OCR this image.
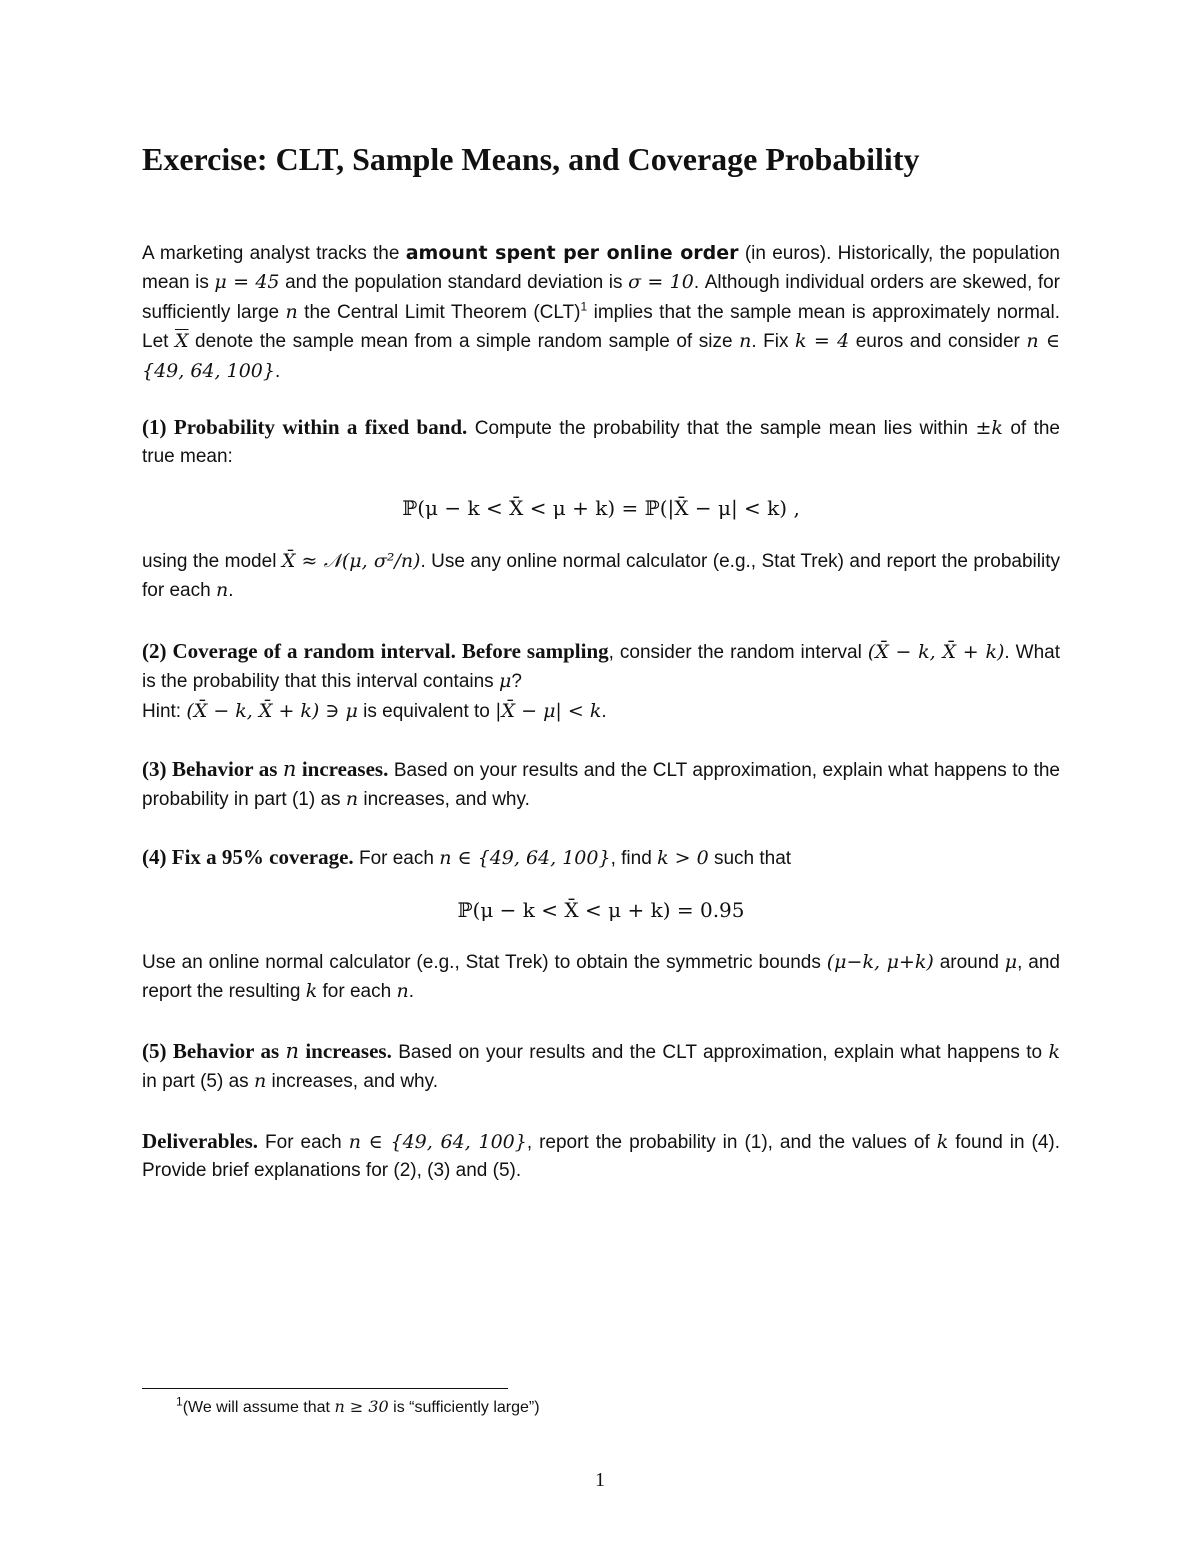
Exercise: CLT, Sample Means, and Coverage Probability

A marketing analyst tracks the amount spent per online order (in euros). Historically, the population mean is μ = 45 and the population standard deviation is σ = 10. Although individual orders are skewed, for sufficiently large n the Central Limit Theorem (CLT)$^1$ implies that the sample mean is approximately normal. Let $\overline{X}$ denote the sample mean from a simple random sample of size n. Fix k = 4 euros and consider n ∈ {49, 64, 100}.

(1) Probability within a fixed band. Compute the probability that the sample mean lies within ±k of the true mean:

ℙ(μ − k < X̄ < μ + k) = ℙ(|X̄ − μ| < k) ,

using the model X̄ ≈ 𝒩(μ, σ²/n). Use any online normal calculator (e.g., Stat Trek) and report the probability for each n.

(2) Coverage of a random interval. Before sampling, consider the random interval (X̄ − k, X̄ + k). What is the probability that this interval contains μ?
Hint: (X̄ − k, X̄ + k) ∋ μ is equivalent to |X̄ − μ| < k.

(3) Behavior as n increases. Based on your results and the CLT approximation, explain what happens to the probability in part (1) as n increases, and why.

(4) Fix a 95% coverage. For each n ∈ {49, 64, 100}, find k > 0 such that

ℙ(μ − k < X̄ < μ + k) = 0.95

Use an online normal calculator (e.g., Stat Trek) to obtain the symmetric bounds (μ−k, μ+k) around μ, and report the resulting k for each n.

(5) Behavior as n increases. Based on your results and the CLT approximation, explain what happens to k in part (5) as n increases, and why.

Deliverables. For each n ∈ {49, 64, 100}, report the probability in (1), and the values of k found in (4). Provide brief explanations for (2), (3) and (5).

$^1$(We will assume that n ≥ 30 is “sufficiently large”)

1
